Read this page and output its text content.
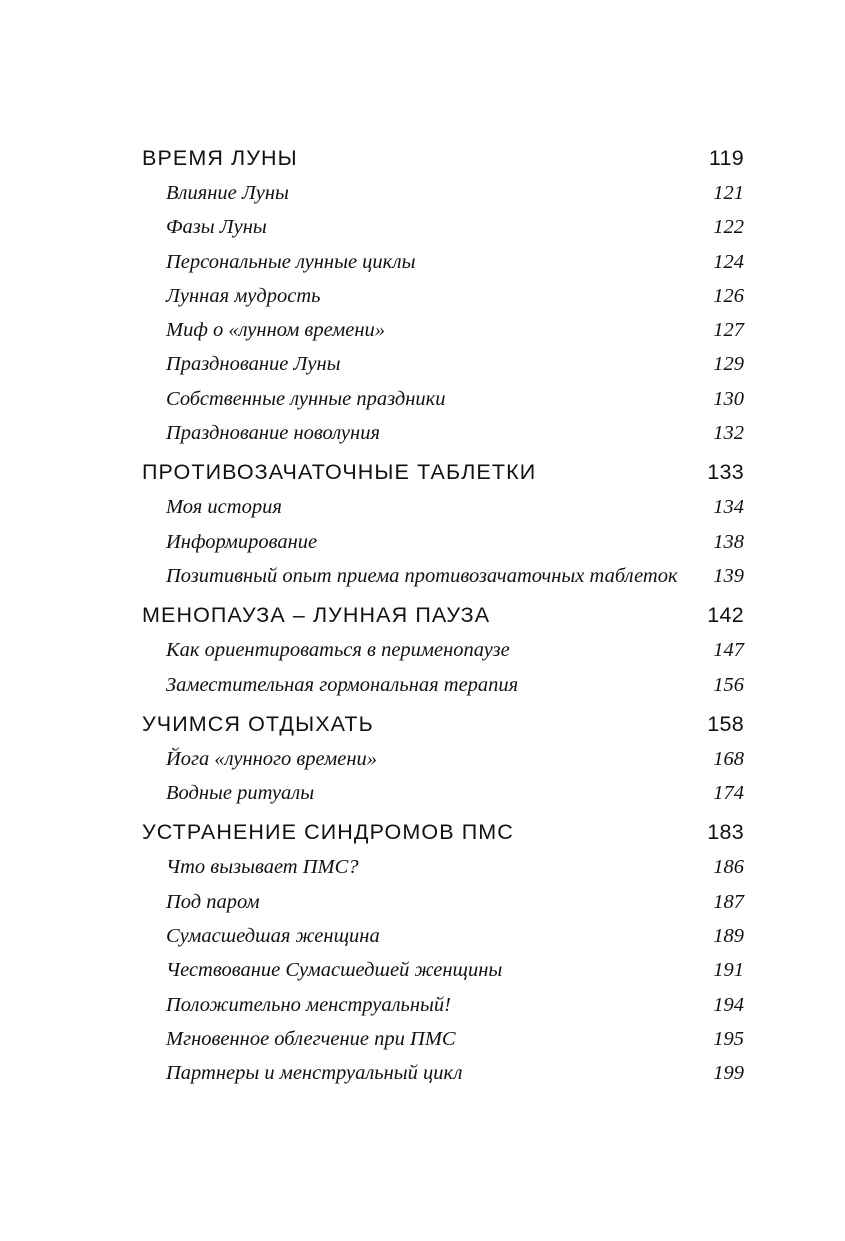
ВРЕМЯ ЛУНЫ	119
Влияние Луны	121
Фазы Луны	122
Персональные лунные циклы	124
Лунная мудрость	126
Миф о «лунном времени»	127
Празднование Луны	129
Собственные лунные праздники	130
Празднование новолуния	132
ПРОТИВОЗАЧАТОЧНЫЕ ТАБЛЕТКИ	133
Моя история	134
Информирование	138
Позитивный опыт приема противозачаточных таблеток 139
МЕНОПАУЗА – ЛУННАЯ ПАУЗА	142
Как ориентироваться в перименопаузе	147
Заместительная гормональная терапия	156
УЧИМСЯ ОТДЫХАТЬ	158
Йога «лунного времени»	168
Водные ритуалы	174
УСТРАНЕНИЕ СИНДРОМОВ ПМС	183
Что вызывает ПМС?	186
Под паром	187
Сумасшедшая женщина	189
Чествование Сумасшедшей женщины	191
Положительно менструальный!	194
Мгновенное облегчение при ПМС	195
Партнеры и менструальный цикл	199
